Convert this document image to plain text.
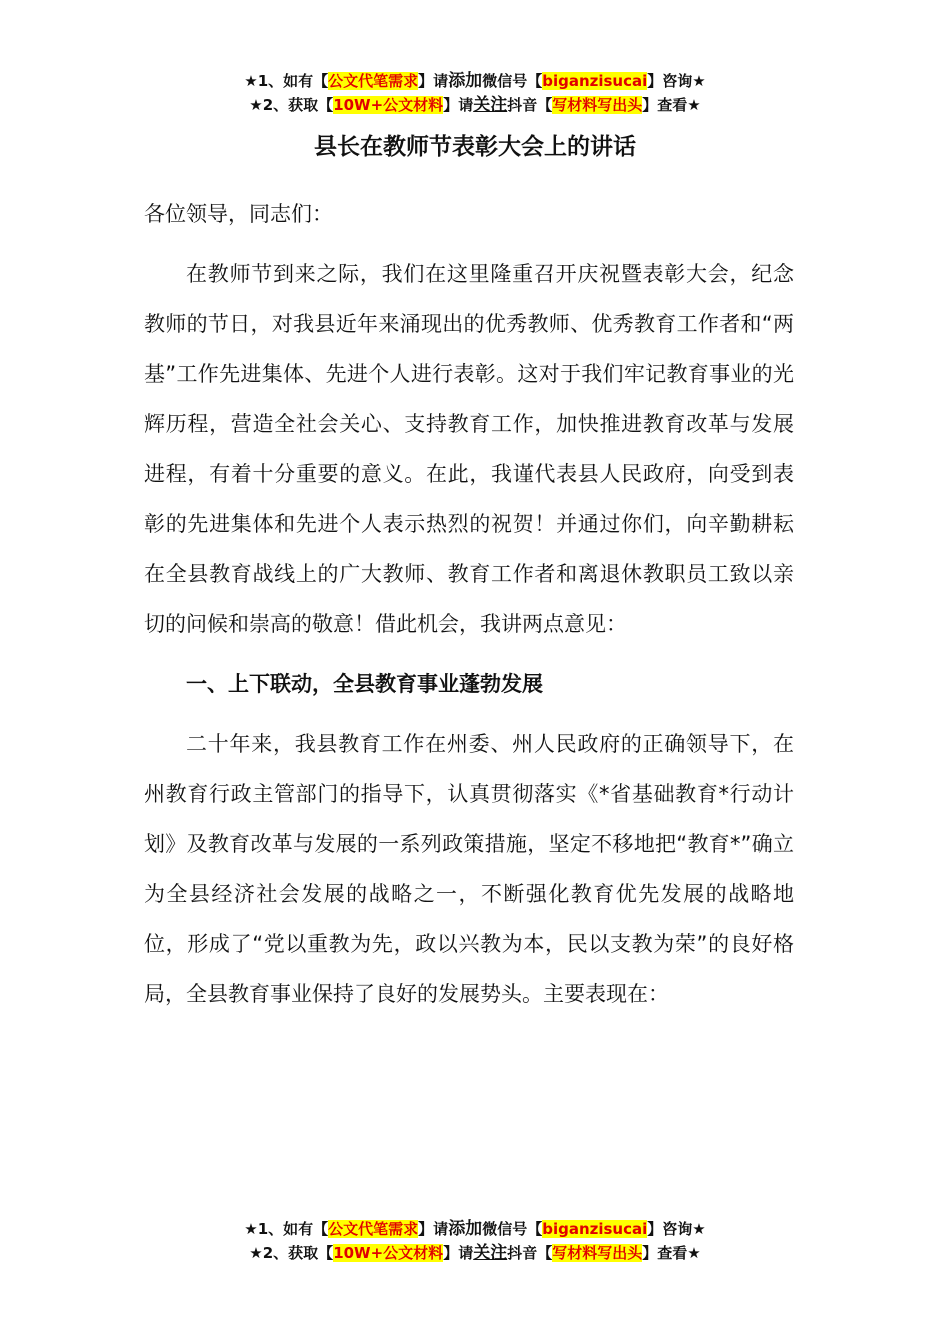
★1、如有【公文代笔需求】请添加微信号【biganzisucai】咨询★
★2、获取【10W+公文材料】请关注抖音【写材料写出头】查看★
县长在教师节表彰大会上的讲话

各位领导，同志们：

在教师节到来之际，我们在这里隆重召开庆祝暨表彰大会，纪念教师的节日，对我县近年来涌现出的优秀教师、优秀教育工作者和“两基”工作先进集体、先进个人进行表彰。这对于我们牢记教育事业的光辉历程，营造全社会关心、支持教育工作，加快推进教育改革与发展进程，有着十分重要的意义。在此，我谨代表县人民政府，向受到表彰的先进集体和先进个人表示热烈的祝贺！并通过你们，向辛勤耕耘在全县教育战线上的广大教师、教育工作者和离退休教职员工致以亲切的问候和崇高的敬意！借此机会，我讲两点意见：

一、上下联动，全县教育事业蓬勃发展

二十年来，我县教育工作在州委、州人民政府的正确领导下，在州教育行政主管部门的指导下，认真贯彻落实《*省基础教育*行动计划》及教育改革与发展的一系列政策措施，坚定不移地把“教育*”确立为全县经济社会发展的战略之一，不断强化教育优先发展的战略地位，形成了“党以重教为先，政以兴教为本，民以支教为荣”的良好格局，全县教育事业保持了良好的发展势头。主要表现在：

★1、如有【公文代笔需求】请添加微信号【biganzisucai】咨询★
★2、获取【10W+公文材料】请关注抖音【写材料写出头】查看★
